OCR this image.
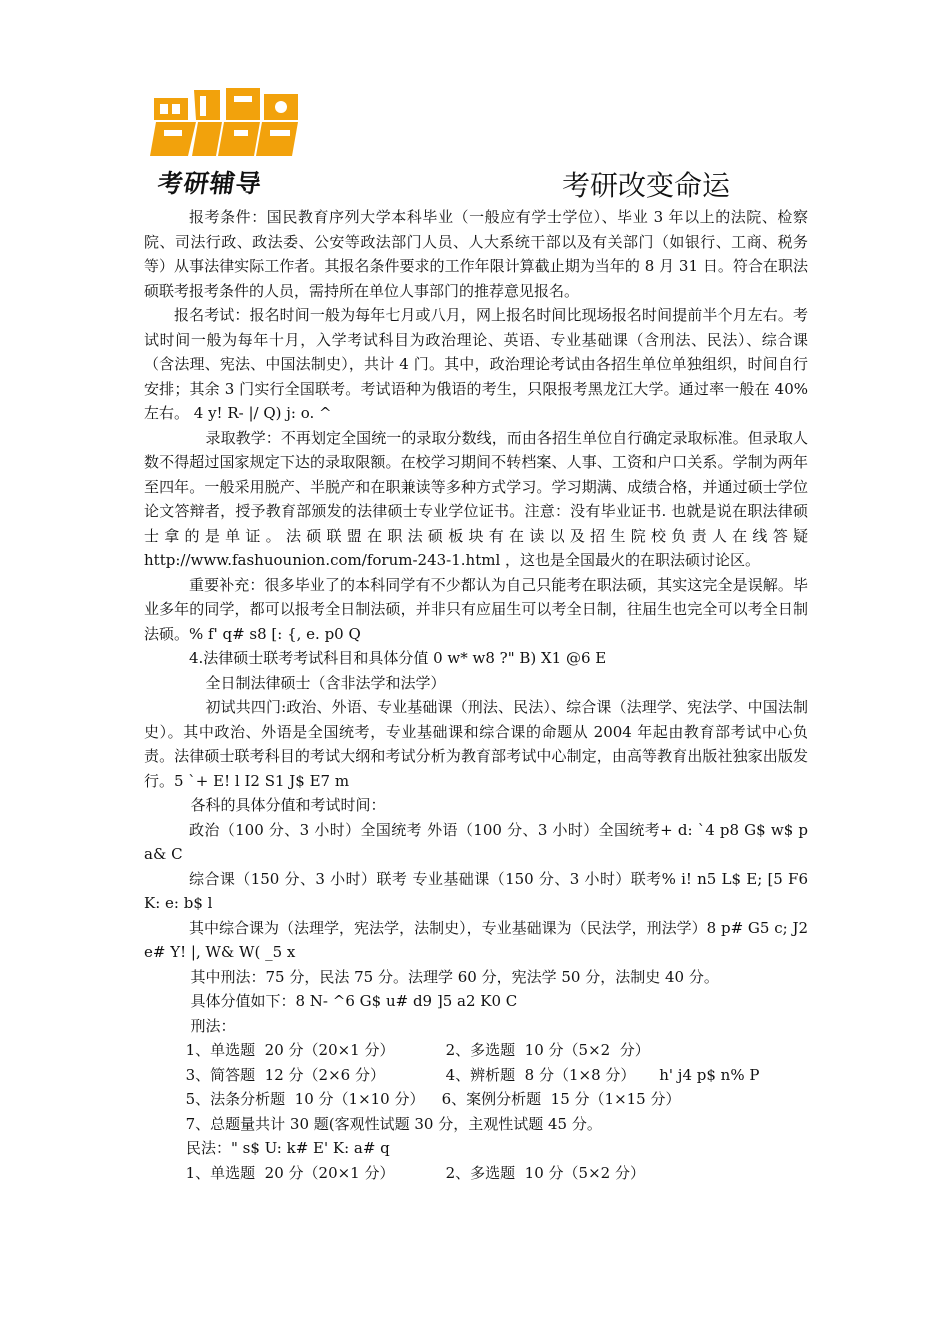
考研辅导	考研改变命运

报考条件：国民教育序列大学本科毕业（一般应有学士学位）、毕业 3 年以上的法院、检察院、司法行政、政法委、公安等政法部门人员、人大系统干部以及有关部门（如银行、工商、税务等）从事法律实际工作者。其报名条件要求的工作年限计算截止期为当年的 8 月 31 日。符合在职法硕联考报考条件的人员，需持所在单位人事部门的推荐意见报名。

报名考试：报名时间一般为每年七月或八月，网上报名时间比现场报名时间提前半个月左右。考试时间一般为每年十月，入学考试科目为政治理论、英语、专业基础课（含刑法、民法）、综合课（含法理、宪法、中国法制史），共计 4 门。其中，政治理论考试由各招生单位单独组织，时间自行安排；其余 3 门实行全国联考。考试语种为俄语的考生，只限报考黑龙江大学。通过率一般在 40%左右。 4 y! R- |/ Q) j: o. ^

录取教学：不再划定全国统一的录取分数线，而由各招生单位自行确定录取标准。但录取人数不得超过国家规定下达的录取限额。在校学习期间不转档案、人事、工资和户口关系。学制为两年至四年。一般采用脱产、半脱产和在职兼读等多种方式学习。学习期满、成绩合格，并通过硕士学位论文答辩者，授予教育部颁发的法律硕士专业学位证书。注意：没有毕业证书. 也就是说在职法律硕士拿的是单证。法硕联盟在职法硕板块有在读以及招生院校负责人在线答疑 http://www.fashuounion.com/forum-243-1.html ，这也是全国最火的在职法硕讨论区。

重要补充：很多毕业了的本科同学有不少都认为自己只能考在职法硕，其实这完全是误解。毕业多年的同学，都可以报考全日制法硕，并非只有应届生可以考全日制，往届生也完全可以考全日制法硕。% f' q# s8 [: {, e. p0 Q

4.法律硕士联考考试科目和具体分值 0 w* w8 ?" B) X1 @6 E

全日制法律硕士（含非法学和法学）

初试共四门:政治、外语、专业基础课（刑法、民法）、综合课（法理学、宪法学、中国法制史）。其中政治、外语是全国统考，专业基础课和综合课的命题从 2004 年起由教育部考试中心负责。法律硕士联考科目的考试大纲和考试分析为教育部考试中心制定，由高等教育出版社独家出版发行。5 `+ E! l I2 S1 J$ E7 m

各科的具体分值和考试时间：

政治（100 分、3 小时）全国统考 外语（100 分、3 小时）全国统考+ d: `4 p8 G$ w$ p a& C

综合课（150 分、3 小时）联考 专业基础课（150 分、3 小时）联考% i! n5 L$ E; [5 F6 K: e: b$ l

其中综合课为（法理学，宪法学，法制史），专业基础课为（民法学，刑法学）8 p# G5 c; J2 e# Y! |, W& W( _5 x

其中刑法：75 分，民法 75 分。法理学 60 分，宪法学 50 分，法制史 40 分。

具体分值如下：8 N- ^6 G$ u# d9 ]5 a2 K0 C

刑法：

1、单选题  20 分（20×1 分）	2、多选题  10 分（5×2  分）

3、简答题  12 分（2×6 分）	4、辨析题  8 分（1×8 分）     h' j4 p$ n% P

5、法条分析题  10 分（1×10 分）	6、案例分析题  15 分（1×15 分）

7、总题量共计 30 题(客观性试题 30 分，主观性试题 45 分。

民法：" s$ U: k# E' K: a# q

1、单选题  20 分（20×1 分）	2、多选题  10 分（5×2 分）
